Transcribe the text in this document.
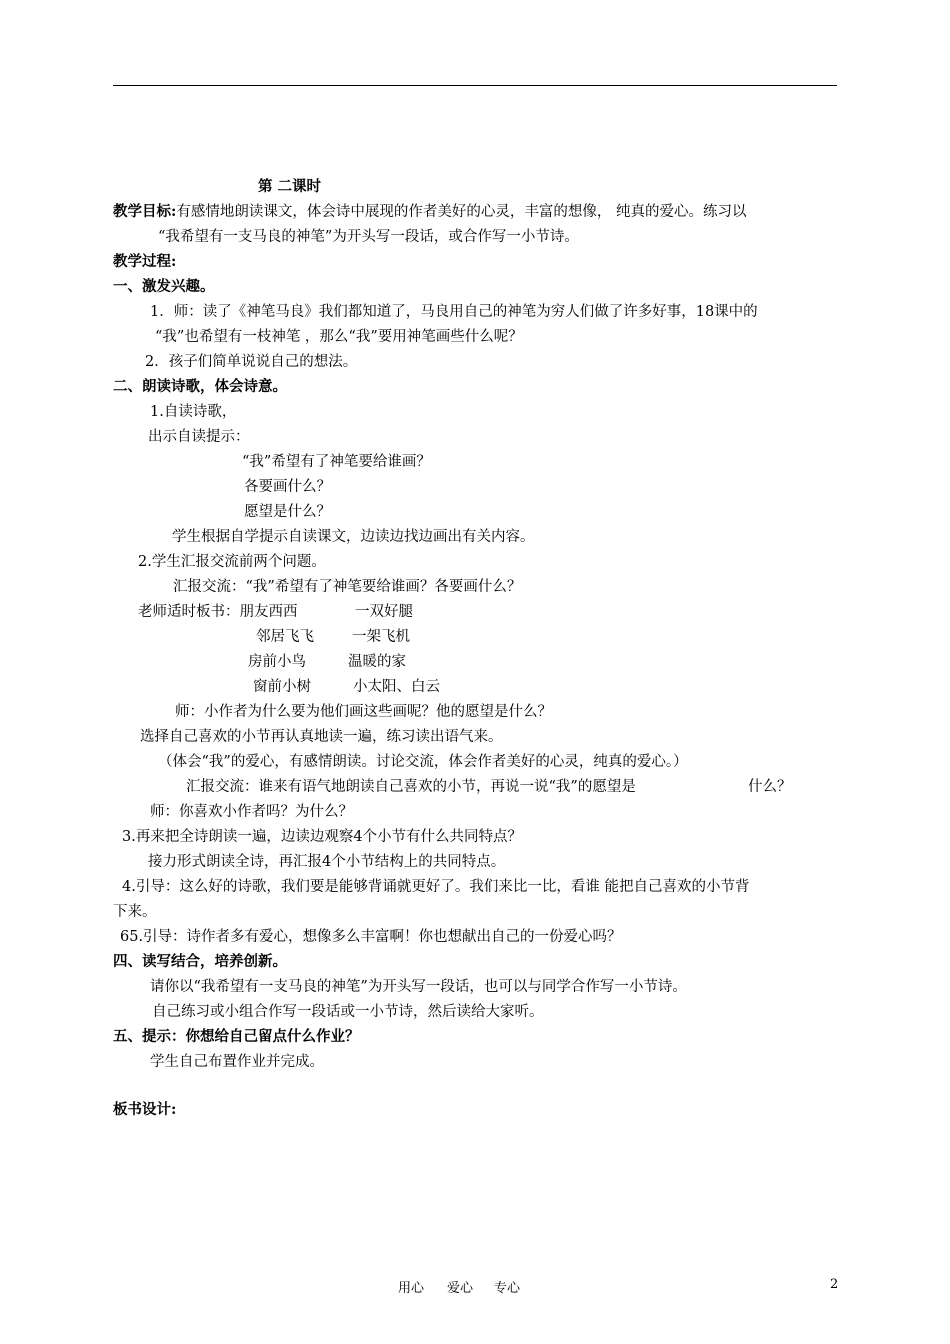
第 二课时
教学目标:有感情地朗读课文，体会诗中展现的作者美好的心灵，丰富的想像， 纯真的爱心。练习以
“我希望有一支马良的神笔”为开头写一段话，或合作写一小节诗。
教学过程:
一、激发兴趣。
1．师：读了《神笔马良》我们都知道了，马良用自己的神笔为穷人们做了许多好事，18课中的
“我”也希望有一枝神笔 ，那么“我”要用神笔画些什么呢？
2．孩子们简单说说自己的想法。
二、朗读诗歌，体会诗意。
1.自读诗歌，
出示自读提示：
“我”希望有了神笔要给谁画？
各要画什么？
愿望是什么？
学生根据自学提示自读课文，边读边找边画出有关内容。
2.学生汇报交流前两个问题。
汇报交流：“我”希望有了神笔要给谁画？各要画什么？
老师适时板书：朋友西西	一双好腿
邻居飞飞	一架飞机
房前小鸟	温暖的家
窗前小树	小太阳、白云
师：小作者为什么要为他们画这些画呢？他的愿望是什么？
选择自己喜欢的小节再认真地读一遍，练习读出语气来。
（体会“我”的爱心，有感情朗读。讨论交流，体会作者美好的心灵，纯真的爱心。）
汇报交流：谁来有语气地朗读自己喜欢的小节，再说一说“我”的愿望是	什么？
师：你喜欢小作者吗？为什么？
3.再来把全诗朗读一遍，边读边观察4个小节有什么共同特点？
接力形式朗读全诗，再汇报4个小节结构上的共同特点。
4.引导：这么好的诗歌，我们要是能够背诵就更好了。我们来比一比，看谁 能把自己喜欢的小节背
下来。
65.引导：诗作者多有爱心，想像多么丰富啊！你也想献出自己的一份爱心吗？
四、读写结合，培养创新。
请你以“我希望有一支马良的神笔”为开头写一段话，也可以与同学合作写一小节诗。
自己练习或小组合作写一段话或一小节诗，然后读给大家听。
五、提示：你想给自己留点什么作业？
学生自己布置作业并完成。
板书设计:
用心 爱心 专心	2
